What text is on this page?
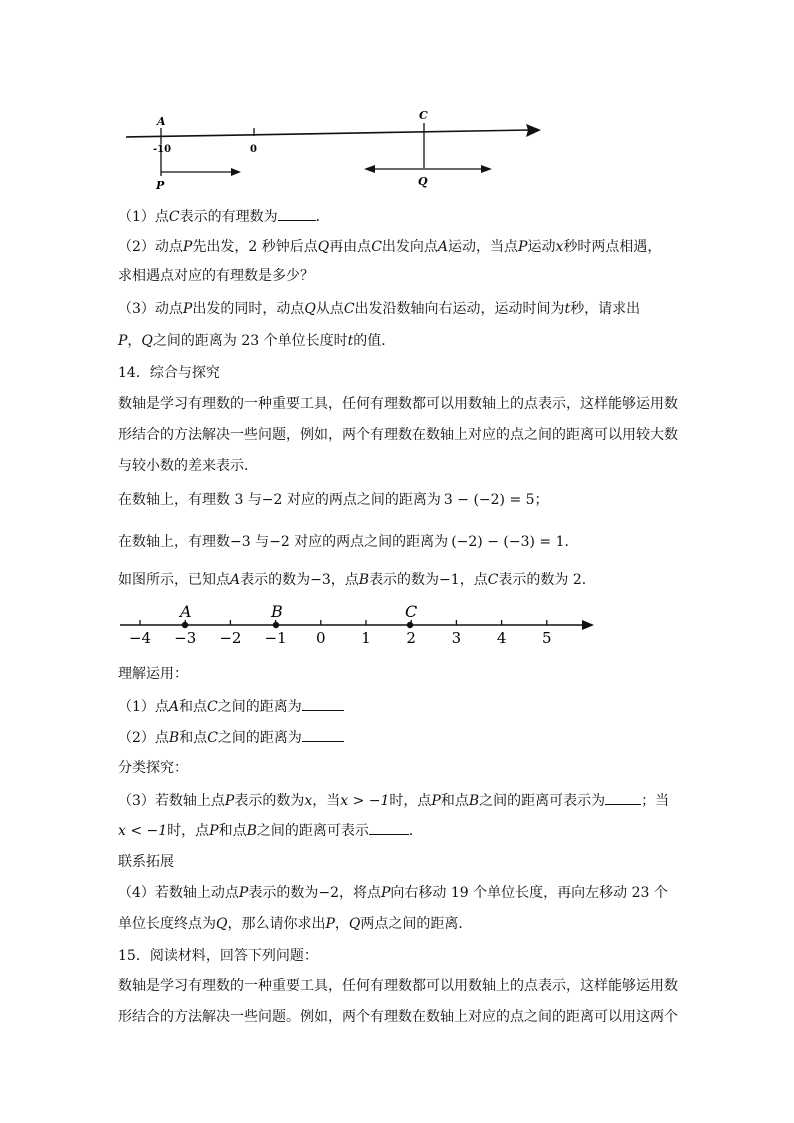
A	C
-10	0
P	Q
（1）点C表示的有理数为	．
（2）动点P先出发，2 秒钟后点Q再由点C出发向点A运动，当点P运动x秒时两点相遇，
求相遇点对应的有理数是多少？
（3）动点P出发的同时，动点Q从点C出发沿数轴向右运动，运动时间为t秒，请求出
P，Q之间的距离为 23 个单位长度时t的值．
14．综合与探究
数轴是学习有理数的一种重要工具，任何有理数都可以用数轴上的点表示，这样能够运用数
形结合的方法解决一些问题，例如，两个有理数在数轴上对应的点之间的距离可以用较大数
与较小数的差来表示．
在数轴上，有理数 3 与−2 对应的两点之间的距离为 3 − (−2) = 5；
在数轴上，有理数−3 与−2 对应的两点之间的距离为 (−2) − (−3) = 1．
如图所示，已知点A表示的数为−3，点B表示的数为−1，点C表示的数为 2．
−4 −3 −2 −1 0 1 2 3 4 5
A	B	C
理解运用：
（1）点A和点C之间的距离为
（2）点B和点C之间的距离为
分类探究：
（3）若数轴上点P表示的数为x，当x > −1时，点P和点B之间的距离可表示为	；当
x < −1时，点P和点B之间的距离可表示	．
联系拓展
（4）若数轴上动点P表示的数为−2，将点P向右移动 19 个单位长度，再向左移动 23 个
单位长度终点为Q，那么请你求出P，Q两点之间的距离．
15．阅读材料，回答下列问题：
数轴是学习有理数的一种重要工具，任何有理数都可以用数轴上的点表示，这样能够运用数
形结合的方法解决一些问题。例如，两个有理数在数轴上对应的点之间的距离可以用这两个
